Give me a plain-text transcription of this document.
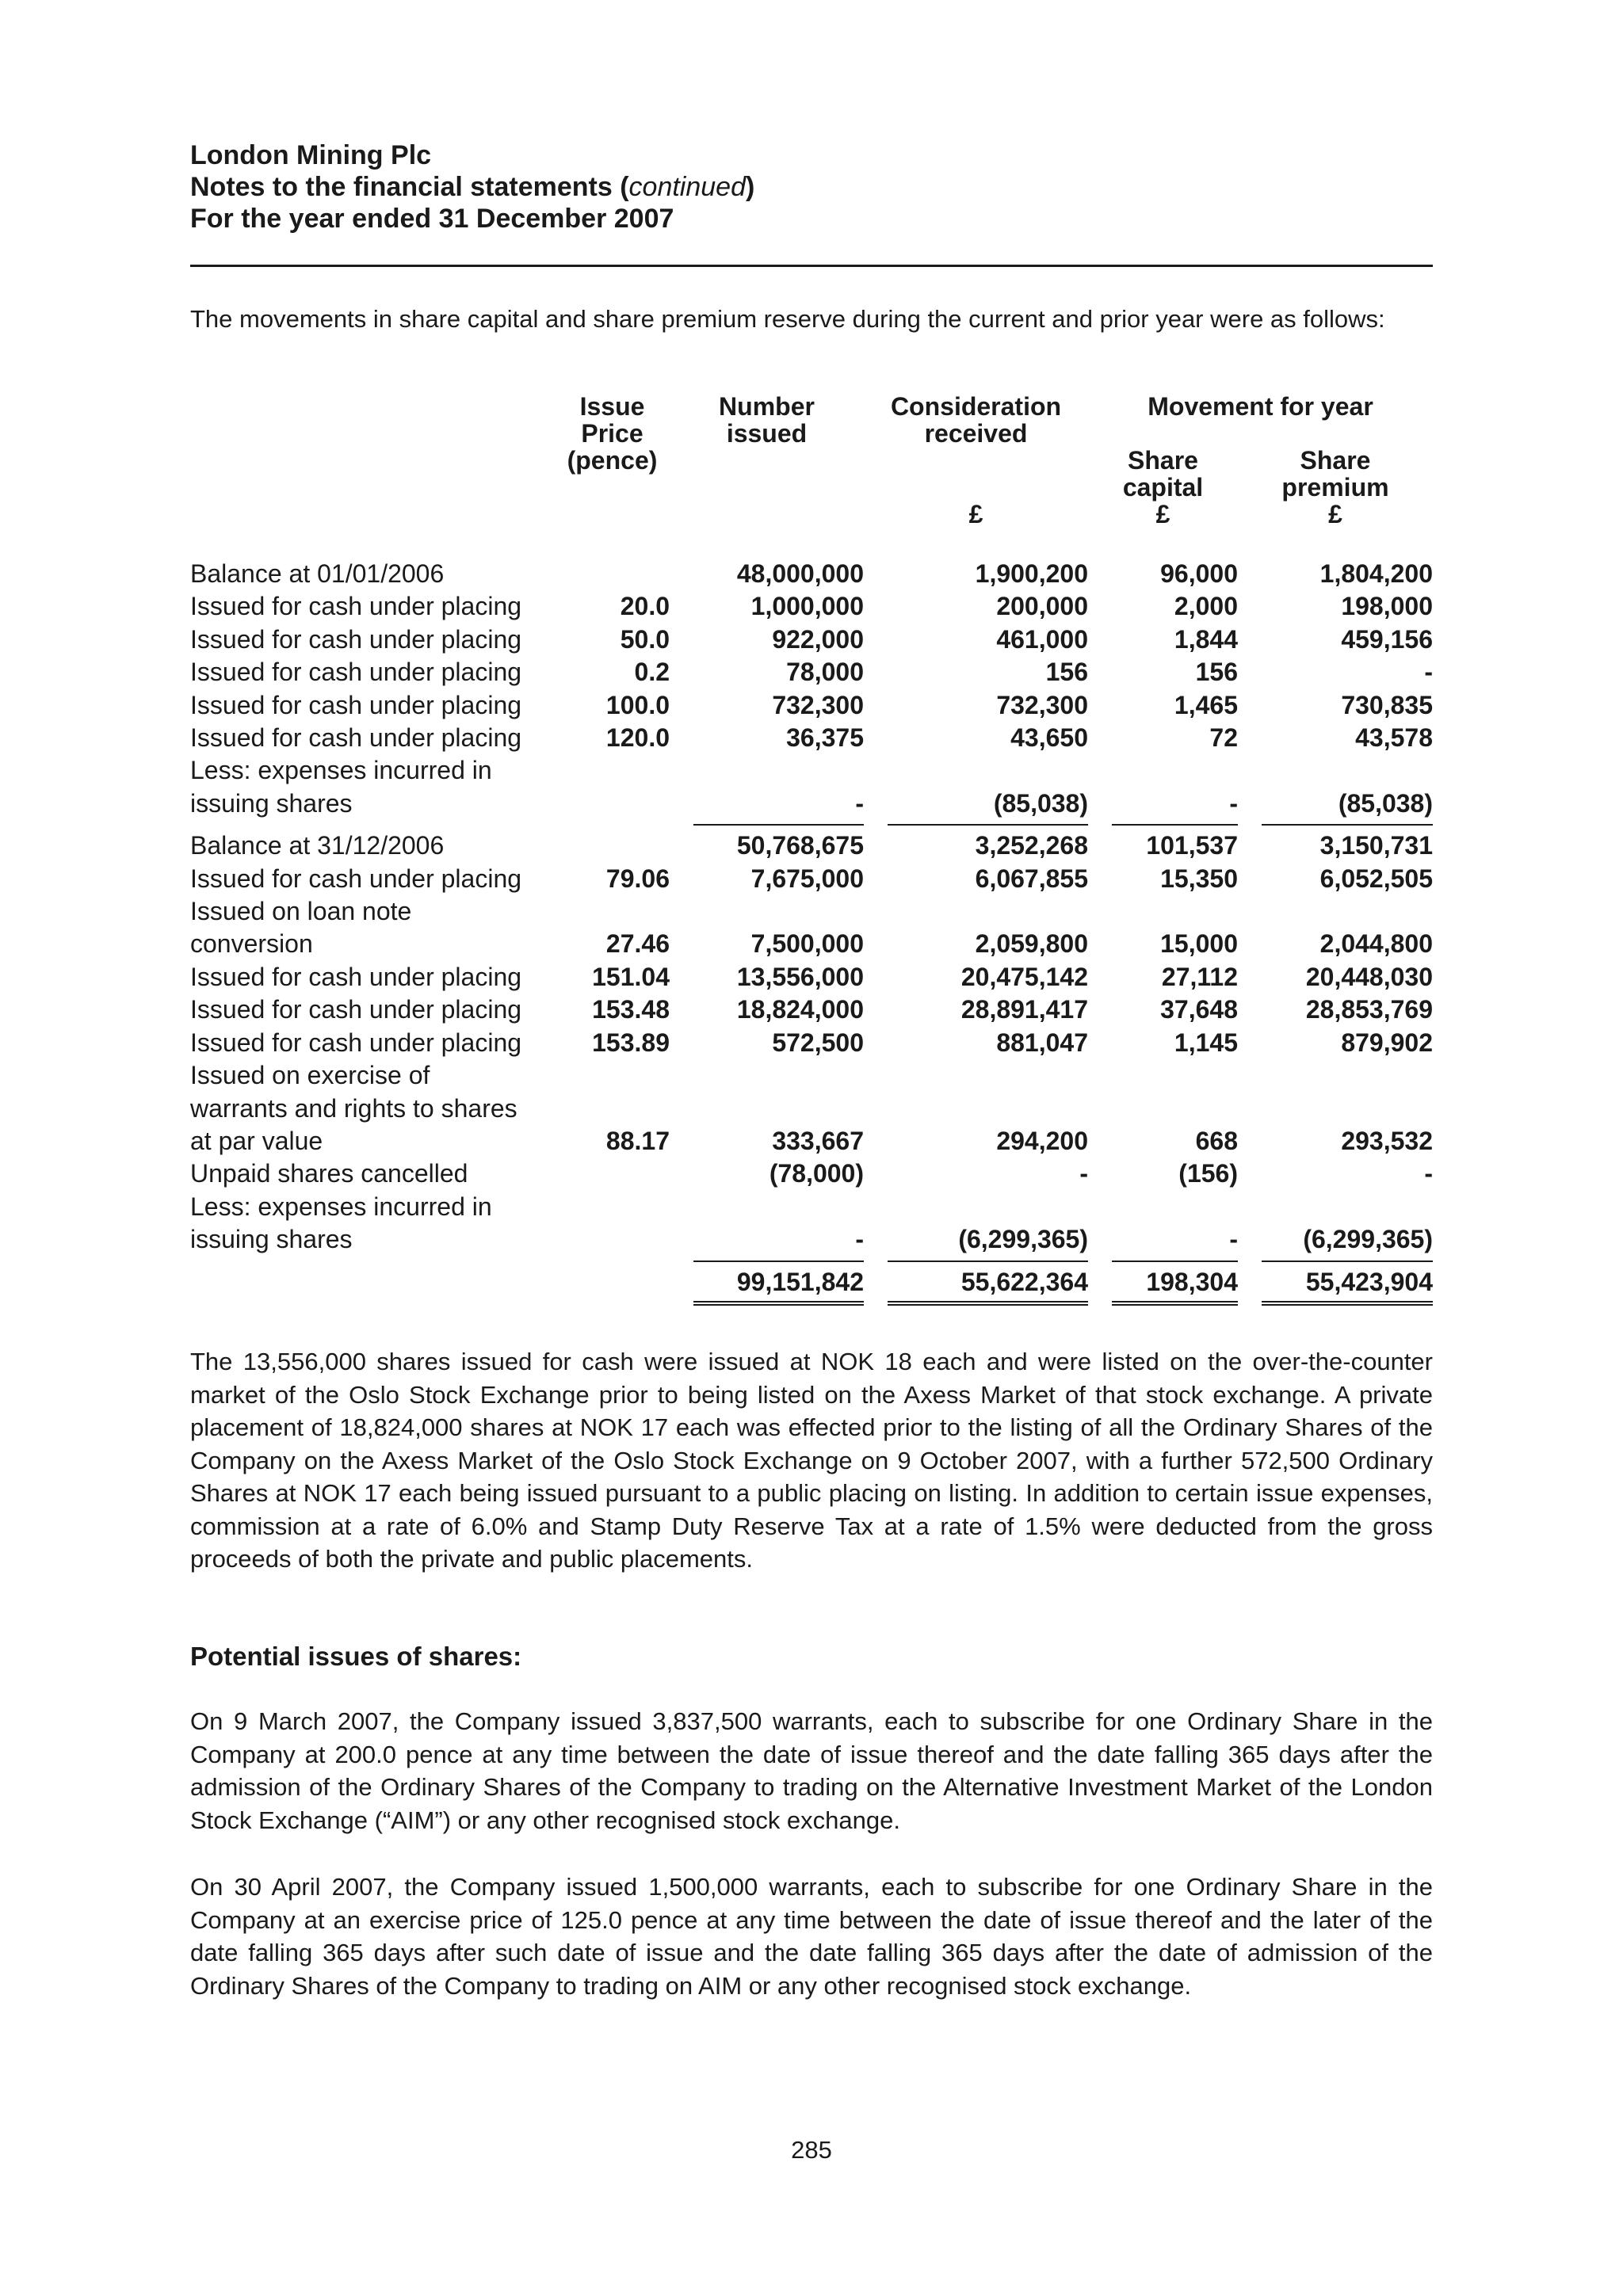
London Mining Plc
Notes to the financial statements (continued)
For the year ended 31 December 2007
The movements in share capital and share premium reserve during the current and prior year were as follows:
	Issue	Number	Consideration	Movement for year	
	Price	issued	received		
	(pence)			Share	Share
				capital	premium
			£	£	£

Balance at 01/01/2006		48,000,000	1,900,200	96,000	1,804,200
Issued for cash under placing	20.0	1,000,000	200,000	2,000	198,000
Issued for cash under placing	50.0	922,000	461,000	1,844	459,156
Issued for cash under placing	0.2	78,000	156	156	-
Issued for cash under placing	100.0	732,300	732,300	1,465	730,835
Issued for cash under placing	120.0	36,375	43,650	72	43,578
Less: expenses incurred in					
issuing shares		-	(85,038)	-	(85,038)

Balance at 31/12/2006		50,768,675	3,252,268	101,537	3,150,731
Issued for cash under placing	79.06	7,675,000	6,067,855	15,350	6,052,505
Issued on loan note					
conversion	27.46	7,500,000	2,059,800	15,000	2,044,800
Issued for cash under placing	151.04	13,556,000	20,475,142	27,112	20,448,030
Issued for cash under placing	153.48	18,824,000	28,891,417	37,648	28,853,769
Issued for cash under placing	153.89	572,500	881,047	1,145	879,902
Issued on exercise of					
warrants and rights to shares					
at par value	88.17	333,667	294,200	668	293,532
Unpaid shares cancelled		(78,000)	-	(156)	-
Less: expenses incurred in					
issuing shares		-	(6,299,365)	-	(6,299,365)

		99,151,842	55,622,364	198,304	55,423,904

The 13,556,000 shares issued for cash were issued at NOK 18 each and were listed on the over-the-counter market of the Oslo Stock Exchange prior to being listed on the Axess Market of that stock exchange. A private placement of 18,824,000 shares at NOK 17 each was effected prior to the listing of all the Ordinary Shares of the Company on the Axess Market of the Oslo Stock Exchange on 9 October 2007, with a further 572,500 Ordinary Shares at NOK 17 each being issued pursuant to a public placing on listing. In addition to certain issue expenses, commission at a rate of 6.0% and Stamp Duty Reserve Tax at a rate of 1.5% were deducted from the gross proceeds of both the private and public placements.
Potential issues of shares:
On 9 March 2007, the Company issued 3,837,500 warrants, each to subscribe for one Ordinary Share in the Company at 200.0 pence at any time between the date of issue thereof and the date falling 365 days after the admission of the Ordinary Shares of the Company to trading on the Alternative Investment Market of the London Stock Exchange (“AIM”) or any other recognised stock exchange.
On 30 April 2007, the Company issued 1,500,000 warrants, each to subscribe for one Ordinary Share in the Company at an exercise price of 125.0 pence at any time between the date of issue thereof and the later of the date falling 365 days after such date of issue and the date falling 365 days after the date of admission of the Ordinary Shares of the Company to trading on AIM or any other recognised stock exchange.
285
